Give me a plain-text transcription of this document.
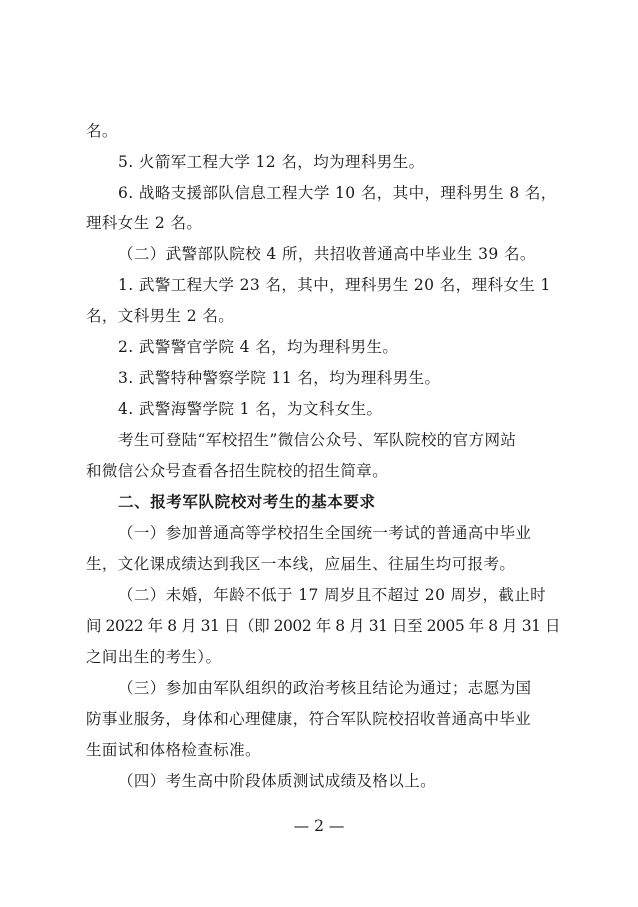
名。
5. 火箭军工程大学 12 名，均为理科男生。
6. 战略支援部队信息工程大学 10 名，其中，理科男生 8 名，
理科女生 2 名。
（二）武警部队院校 4 所，共招收普通高中毕业生 39 名。
1. 武警工程大学 23 名，其中，理科男生 20 名，理科女生 1
名，文科男生 2 名。
2. 武警警官学院 4 名，均为理科男生。
3. 武警特种警察学院 11 名，均为理科男生。
4. 武警海警学院 1 名，为文科女生。
考生可登陆“军校招生”微信公众号、军队院校的官方网站
和微信公众号查看各招生院校的招生简章。
二、报考军队院校对考生的基本要求
（一）参加普通高等学校招生全国统一考试的普通高中毕业
生，文化课成绩达到我区一本线，应届生、往届生均可报考。
（二）未婚，年龄不低于 17 周岁且不超过 20 周岁，截止时
间 2022 年 8 月 31 日（即 2002 年 8 月 31 日至 2005 年 8 月 31 日
之间出生的考生）。
（三）参加由军队组织的政治考核且结论为通过；志愿为国
防事业服务，身体和心理健康，符合军队院校招收普通高中毕业
生面试和体格检查标准。
（四）考生高中阶段体质测试成绩及格以上。
— 2 —
